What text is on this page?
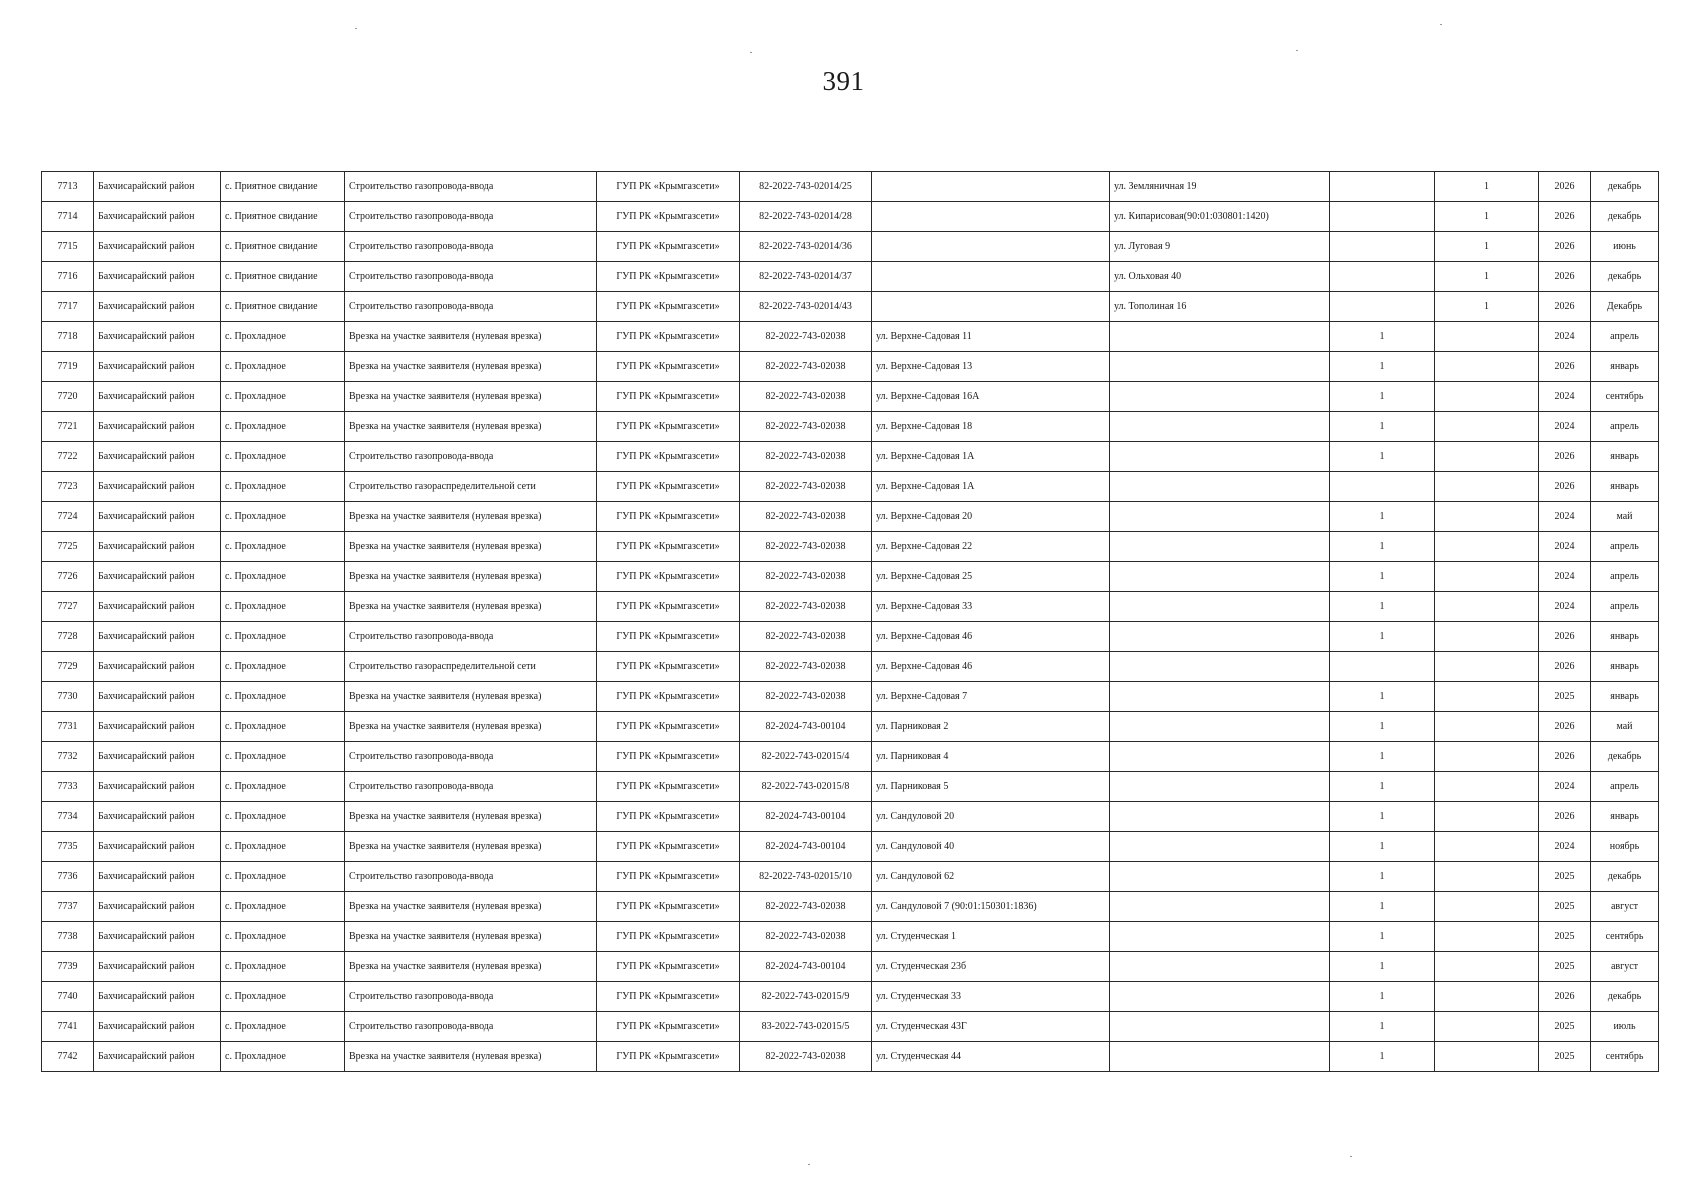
391
7713	Бахчисарайский район	с. Приятное свидание	Строительство газопровода-ввода	ГУП РК «Крымгазсети»	82-2022-743-02014/25		ул. Земляничная 19		1	2026	декабрь
7714	Бахчисарайский район	с. Приятное свидание	Строительство газопровода-ввода	ГУП РК «Крымгазсети»	82-2022-743-02014/28		ул. Кипарисовая(90:01:030801:1420)		1	2026	декабрь
7715	Бахчисарайский район	с. Приятное свидание	Строительство газопровода-ввода	ГУП РК «Крымгазсети»	82-2022-743-02014/36		ул. Луговая 9		1	2026	июнь
7716	Бахчисарайский район	с. Приятное свидание	Строительство газопровода-ввода	ГУП РК «Крымгазсети»	82-2022-743-02014/37		ул. Ольховая 40		1	2026	декабрь
7717	Бахчисарайский район	с. Приятное свидание	Строительство газопровода-ввода	ГУП РК «Крымгазсети»	82-2022-743-02014/43		ул. Тополиная 16		1	2026	Декабрь
7718	Бахчисарайский район	с. Прохладное	Врезка на участке заявителя (нулевая врезка)	ГУП РК «Крымгазсети»	82-2022-743-02038	ул. Верхне-Садовая 11		1		2024	апрель
7719	Бахчисарайский район	с. Прохладное	Врезка на участке заявителя (нулевая врезка)	ГУП РК «Крымгазсети»	82-2022-743-02038	ул. Верхне-Садовая 13		1		2026	январь
7720	Бахчисарайский район	с. Прохладное	Врезка на участке заявителя (нулевая врезка)	ГУП РК «Крымгазсети»	82-2022-743-02038	ул. Верхне-Садовая 16А		1		2024	сентябрь
7721	Бахчисарайский район	с. Прохладное	Врезка на участке заявителя (нулевая врезка)	ГУП РК «Крымгазсети»	82-2022-743-02038	ул. Верхне-Садовая 18		1		2024	апрель
7722	Бахчисарайский район	с. Прохладное	Строительство газопровода-ввода	ГУП РК «Крымгазсети»	82-2022-743-02038	ул. Верхне-Садовая 1А		1		2026	январь
7723	Бахчисарайский район	с. Прохладное	Строительство газораспределительной сети	ГУП РК «Крымгазсети»	82-2022-743-02038	ул. Верхне-Садовая 1А				2026	январь
7724	Бахчисарайский район	с. Прохладное	Врезка на участке заявителя (нулевая врезка)	ГУП РК «Крымгазсети»	82-2022-743-02038	ул. Верхне-Садовая 20		1		2024	май
7725	Бахчисарайский район	с. Прохладное	Врезка на участке заявителя (нулевая врезка)	ГУП РК «Крымгазсети»	82-2022-743-02038	ул. Верхне-Садовая 22		1		2024	апрель
7726	Бахчисарайский район	с. Прохладное	Врезка на участке заявителя (нулевая врезка)	ГУП РК «Крымгазсети»	82-2022-743-02038	ул. Верхне-Садовая 25		1		2024	апрель
7727	Бахчисарайский район	с. Прохладное	Врезка на участке заявителя (нулевая врезка)	ГУП РК «Крымгазсети»	82-2022-743-02038	ул. Верхне-Садовая 33		1		2024	апрель
7728	Бахчисарайский район	с. Прохладное	Строительство газопровода-ввода	ГУП РК «Крымгазсети»	82-2022-743-02038	ул. Верхне-Садовая 46		1		2026	январь
7729	Бахчисарайский район	с. Прохладное	Строительство газораспределительной сети	ГУП РК «Крымгазсети»	82-2022-743-02038	ул. Верхне-Садовая 46				2026	январь
7730	Бахчисарайский район	с. Прохладное	Врезка на участке заявителя (нулевая врезка)	ГУП РК «Крымгазсети»	82-2022-743-02038	ул. Верхне-Садовая 7		1		2025	январь
7731	Бахчисарайский район	с. Прохладное	Врезка на участке заявителя (нулевая врезка)	ГУП РК «Крымгазсети»	82-2024-743-00104	ул. Парниковая 2		1		2026	май
7732	Бахчисарайский район	с. Прохладное	Строительство газопровода-ввода	ГУП РК «Крымгазсети»	82-2022-743-02015/4	ул. Парниковая 4		1		2026	декабрь
7733	Бахчисарайский район	с. Прохладное	Строительство газопровода-ввода	ГУП РК «Крымгазсети»	82-2022-743-02015/8	ул. Парниковая 5		1		2024	апрель
7734	Бахчисарайский район	с. Прохладное	Врезка на участке заявителя (нулевая врезка)	ГУП РК «Крымгазсети»	82-2024-743-00104	ул. Сандуловой 20		1		2026	январь
7735	Бахчисарайский район	с. Прохладное	Врезка на участке заявителя (нулевая врезка)	ГУП РК «Крымгазсети»	82-2024-743-00104	ул. Сандуловой 40		1		2024	ноябрь
7736	Бахчисарайский район	с. Прохладное	Строительство газопровода-ввода	ГУП РК «Крымгазсети»	82-2022-743-02015/10	ул. Сандуловой 62		1		2025	декабрь
7737	Бахчисарайский район	с. Прохладное	Врезка на участке заявителя (нулевая врезка)	ГУП РК «Крымгазсети»	82-2022-743-02038	ул. Сандуловой 7 (90:01:150301:1836)		1		2025	август
7738	Бахчисарайский район	с. Прохладное	Врезка на участке заявителя (нулевая врезка)	ГУП РК «Крымгазсети»	82-2022-743-02038	ул. Студенческая 1		1		2025	сентябрь
7739	Бахчисарайский район	с. Прохладное	Врезка на участке заявителя (нулевая врезка)	ГУП РК «Крымгазсети»	82-2024-743-00104	ул. Студенческая 23б		1		2025	август
7740	Бахчисарайский район	с. Прохладное	Строительство газопровода-ввода	ГУП РК «Крымгазсети»	82-2022-743-02015/9	ул. Студенческая 33		1		2026	декабрь
7741	Бахчисарайский район	с. Прохладное	Строительство газопровода-ввода	ГУП РК «Крымгазсети»	83-2022-743-02015/5	ул. Студенческая 43Г		1		2025	июль
7742	Бахчисарайский район	с. Прохладное	Врезка на участке заявителя (нулевая врезка)	ГУП РК «Крымгазсети»	82-2022-743-02038	ул. Студенческая 44		1		2025	сентябрь
